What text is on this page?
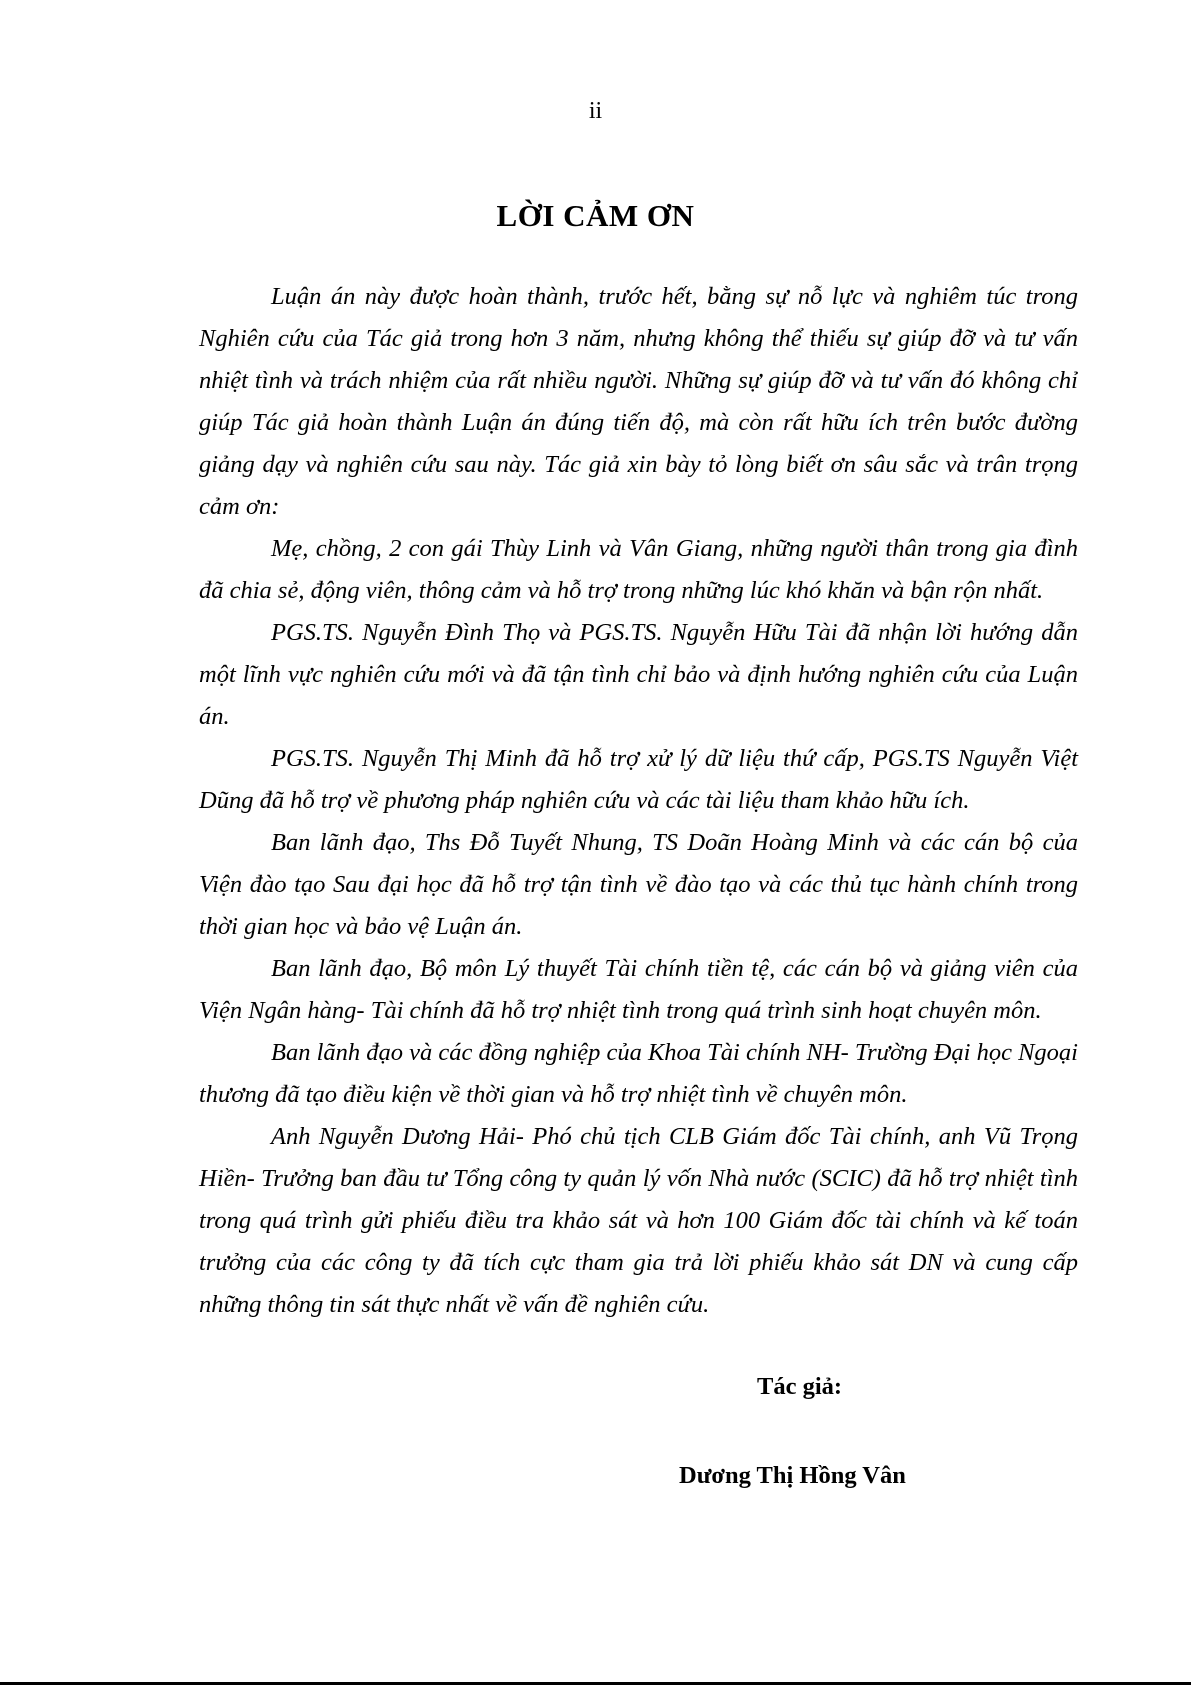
ii
LỜI CẢM ƠN

Luận án này được hoàn thành, trước hết, bằng sự nỗ lực và nghiêm túc trong Nghiên cứu của Tác giả trong hơn 3 năm, nhưng không thể thiếu sự giúp đỡ và tư vấn nhiệt tình và trách nhiệm của rất nhiều người. Những sự giúp đỡ và tư vấn đó không chỉ giúp Tác giả hoàn thành Luận án đúng tiến độ, mà còn rất hữu ích trên bước đường giảng dạy và nghiên cứu sau này. Tác giả xin bày tỏ lòng biết ơn sâu sắc và trân trọng cảm ơn:

Mẹ, chồng, 2 con gái Thùy Linh và Vân Giang, những người thân trong gia đình đã chia sẻ, động viên, thông cảm và hỗ trợ trong những lúc khó khăn và bận rộn nhất.

PGS.TS. Nguyễn Đình Thọ và PGS.TS. Nguyễn Hữu Tài đã nhận lời hướng dẫn một lĩnh vực nghiên cứu mới và đã tận tình chỉ bảo và định hướng nghiên cứu của Luận án.

PGS.TS. Nguyễn Thị Minh đã hỗ trợ xử lý dữ liệu thứ cấp, PGS.TS Nguyễn Việt Dũng đã hỗ trợ về phương pháp nghiên cứu và các tài liệu tham khảo hữu ích.

Ban lãnh đạo, Ths Đỗ Tuyết Nhung, TS Doãn Hoàng Minh và các cán bộ của Viện đào tạo Sau đại học đã hỗ trợ tận tình về đào tạo và các thủ tục hành chính trong thời gian học và bảo vệ Luận án.

Ban lãnh đạo, Bộ môn Lý thuyết Tài chính tiền tệ, các cán bộ và giảng viên của Viện Ngân hàng- Tài chính đã hỗ trợ nhiệt tình trong quá trình sinh hoạt chuyên môn.

Ban lãnh đạo và các đồng nghiệp của Khoa Tài chính NH- Trường Đại học Ngoại thương đã tạo điều kiện về thời gian và hỗ trợ nhiệt tình về chuyên môn.

Anh Nguyễn Dương Hải- Phó chủ tịch CLB Giám đốc Tài chính, anh Vũ Trọng Hiền- Trưởng ban đầu tư Tổng công ty quản lý vốn Nhà nước (SCIC) đã hỗ trợ nhiệt tình trong quá trình gửi phiếu điều tra khảo sát và hơn 100 Giám đốc tài chính và kế toán trưởng của các công ty đã tích cực tham gia trả lời phiếu khảo sát DN và cung cấp những thông tin sát thực nhất về vấn đề nghiên cứu.

Tác giả:
Dương Thị Hồng Vân
